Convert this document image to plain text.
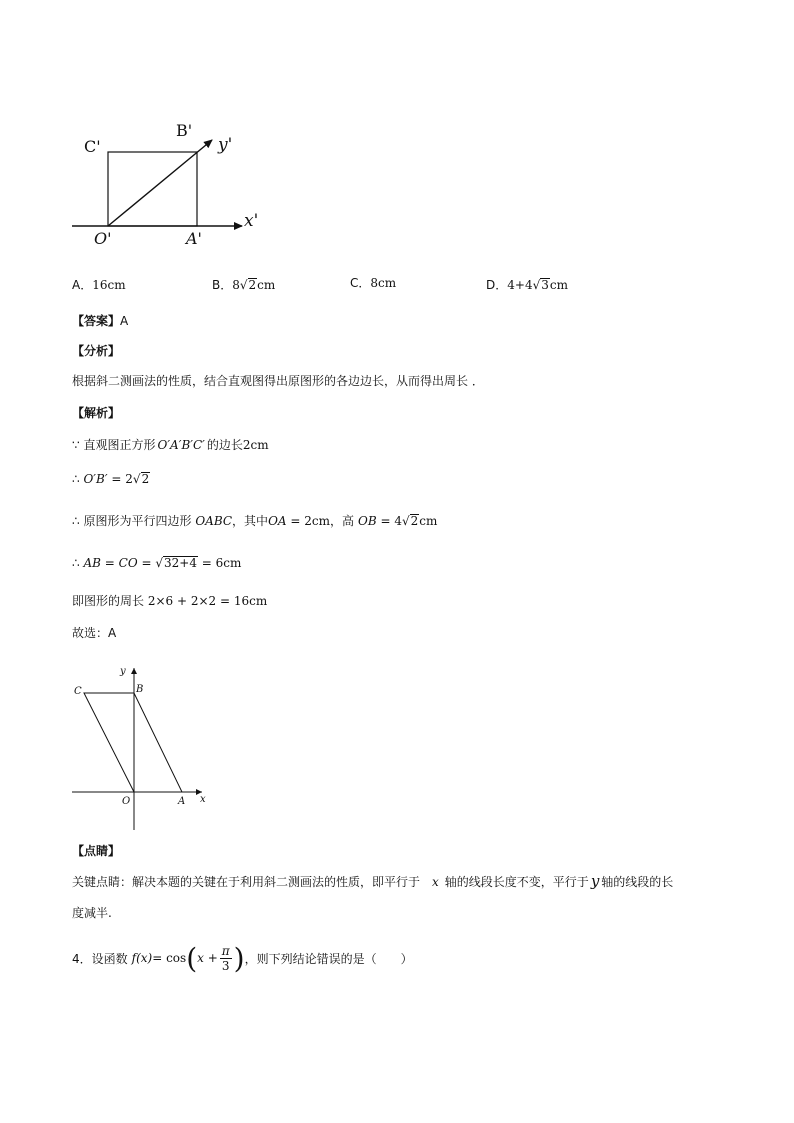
C'
B'
y'
x'
O'	A'
A．16cm	B．8√2cm	C．8cm	D．4+4√3cm
【答案】A
【分析】
根据斜二测画法的性质，结合直观图得出原图形的各边边长，从而得出周长 ．
【解析】
∵ 直观图正方形 O′A′B′C′ 的边长2cm
∴ O′B′ = 2√2
∴ 原图形为平行四边形 OABC，其中OA = 2cm，高 OB = 4√2cm
∴ AB = CO = √32+4 = 6cm
即图形的周长 2×6 + 2×2 = 16cm
故选：A
y
C	B
O	A x
【点睛】
关键点睛：解决本题的关键在于利用斜二测画法的性质，即平行于 x 轴的线段长度不变，平行于 y 轴的线段的长
度减半.
4．设函数 f(x) = cos ( $x + \frac{\pi}{3}$ ) ，则下列结论错误的是（　　）
